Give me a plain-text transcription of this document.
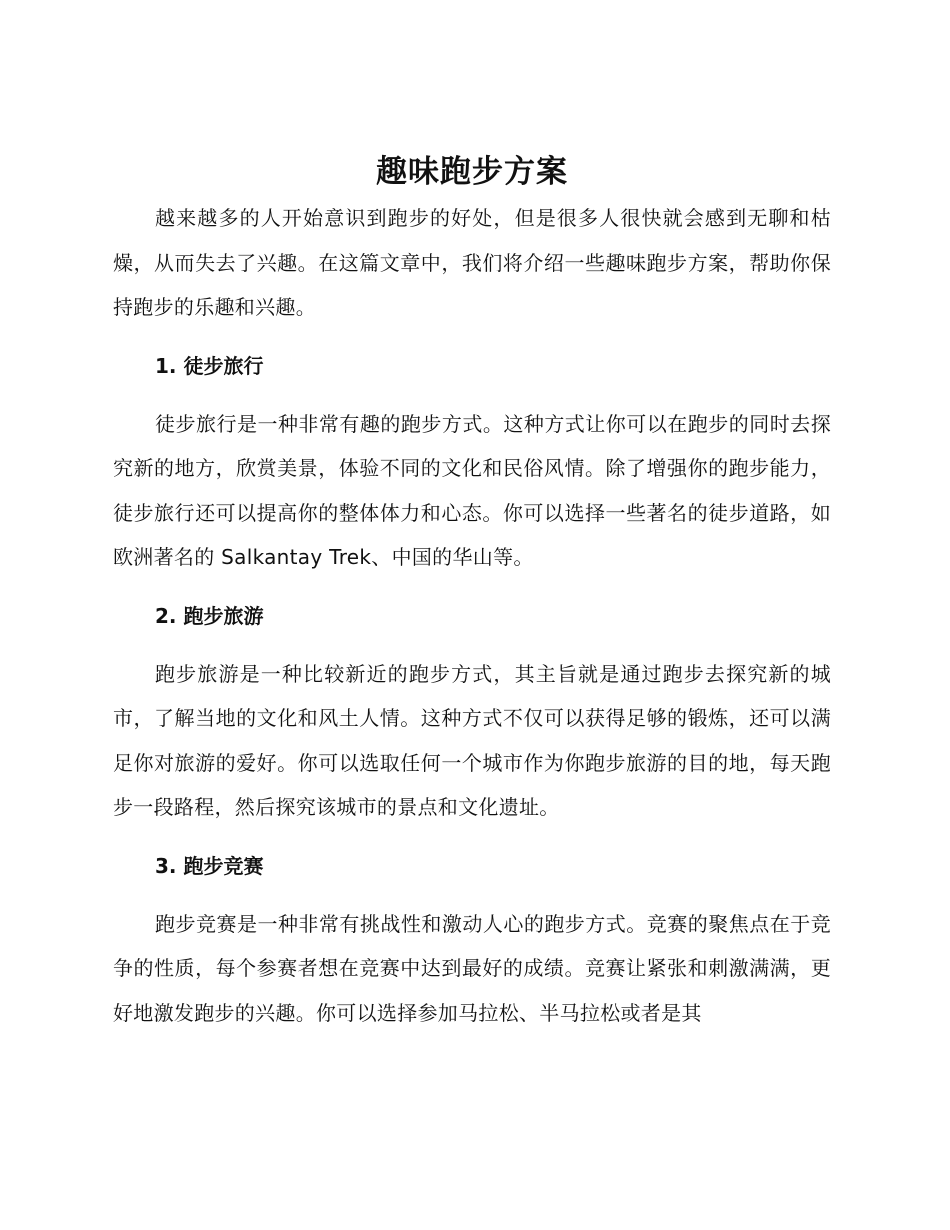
趣味跑步方案

越来越多的人开始意识到跑步的好处，但是很多人很快就会感到无聊和枯燥，从而失去了兴趣。在这篇文章中，我们将介绍一些趣味跑步方案，帮助你保持跑步的乐趣和兴趣。

1. 徒步旅行

徒步旅行是一种非常有趣的跑步方式。这种方式让你可以在跑步的同时去探究新的地方，欣赏美景，体验不同的文化和民俗风情。除了增强你的跑步能力，徒步旅行还可以提高你的整体体力和心态。你可以选择一些著名的徒步道路，如欧洲著名的 Salkantay Trek、中国的华山等。

2. 跑步旅游

跑步旅游是一种比较新近的跑步方式，其主旨就是通过跑步去探究新的城市，了解当地的文化和风土人情。这种方式不仅可以获得足够的锻炼，还可以满足你对旅游的爱好。你可以选取任何一个城市作为你跑步旅游的目的地，每天跑步一段路程，然后探究该城市的景点和文化遗址。

3. 跑步竞赛

跑步竞赛是一种非常有挑战性和激动人心的跑步方式。竞赛的聚焦点在于竞争的性质，每个参赛者想在竞赛中达到最好的成绩。竞赛让紧张和刺激满满，更好地激发跑步的兴趣。你可以选择参加马拉松、半马拉松或者是其
